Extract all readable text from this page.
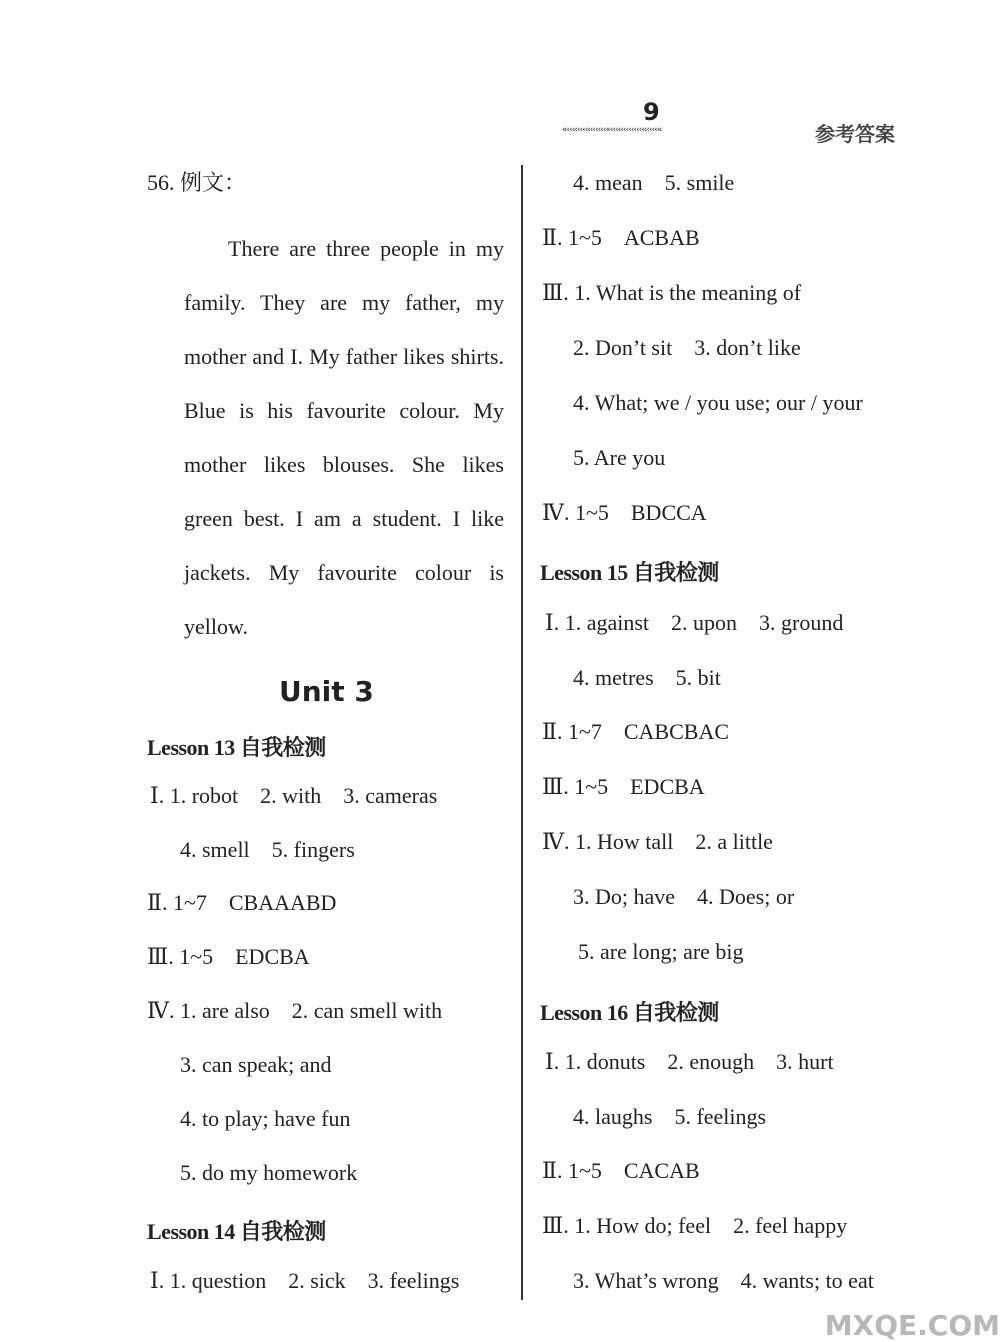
9
«‹‹‹‹‹‹‹‹‹‹‹‹‹‹‹«‹‹‹‹‹‹‹‹‹‹‹‹‹‹‹‹‹‹«	参考答案
56. 例文：

There are three people in my family. They are my father, my mother and I. My father likes shirts. Blue is his favourite colour. My mother likes blouses. She likes green best. I am a student. I like jackets. My favourite colour is yellow.

Unit 3
Lesson 13 自我检测
Ⅰ. 1. robot　2. with　3. cameras
4. smell　5. fingers
Ⅱ. 1~7　CBAAABD
Ⅲ. 1~5　EDCBA
Ⅳ. 1. are also　2. can smell with
3. can speak; and
4. to play; have fun
5. do my homework
Lesson 14 自我检测
Ⅰ. 1. question　2. sick　3. feelings
4. mean　5. smile
Ⅱ. 1~5　ACBAB
Ⅲ. 1. What is the meaning of
2. Don’t sit　3. don’t like
4. What; we / you use; our / your
5. Are you
Ⅳ. 1~5　BDCCA
Lesson 15 自我检测
Ⅰ. 1. against　2. upon　3. ground
4. metres　5. bit
Ⅱ. 1~7　CABCBAC
Ⅲ. 1~5　EDCBA
Ⅳ. 1. How tall　2. a little
3. Do; have　4. Does; or
5. are long; are big
Lesson 16 自我检测
Ⅰ. 1. donuts　2. enough　3. hurt
4. laughs　5. feelings
Ⅱ. 1~5　CACAB
Ⅲ. 1. How do; feel　2. feel happy
3. What’s wrong　4. wants; to eat
MXQE.COM
